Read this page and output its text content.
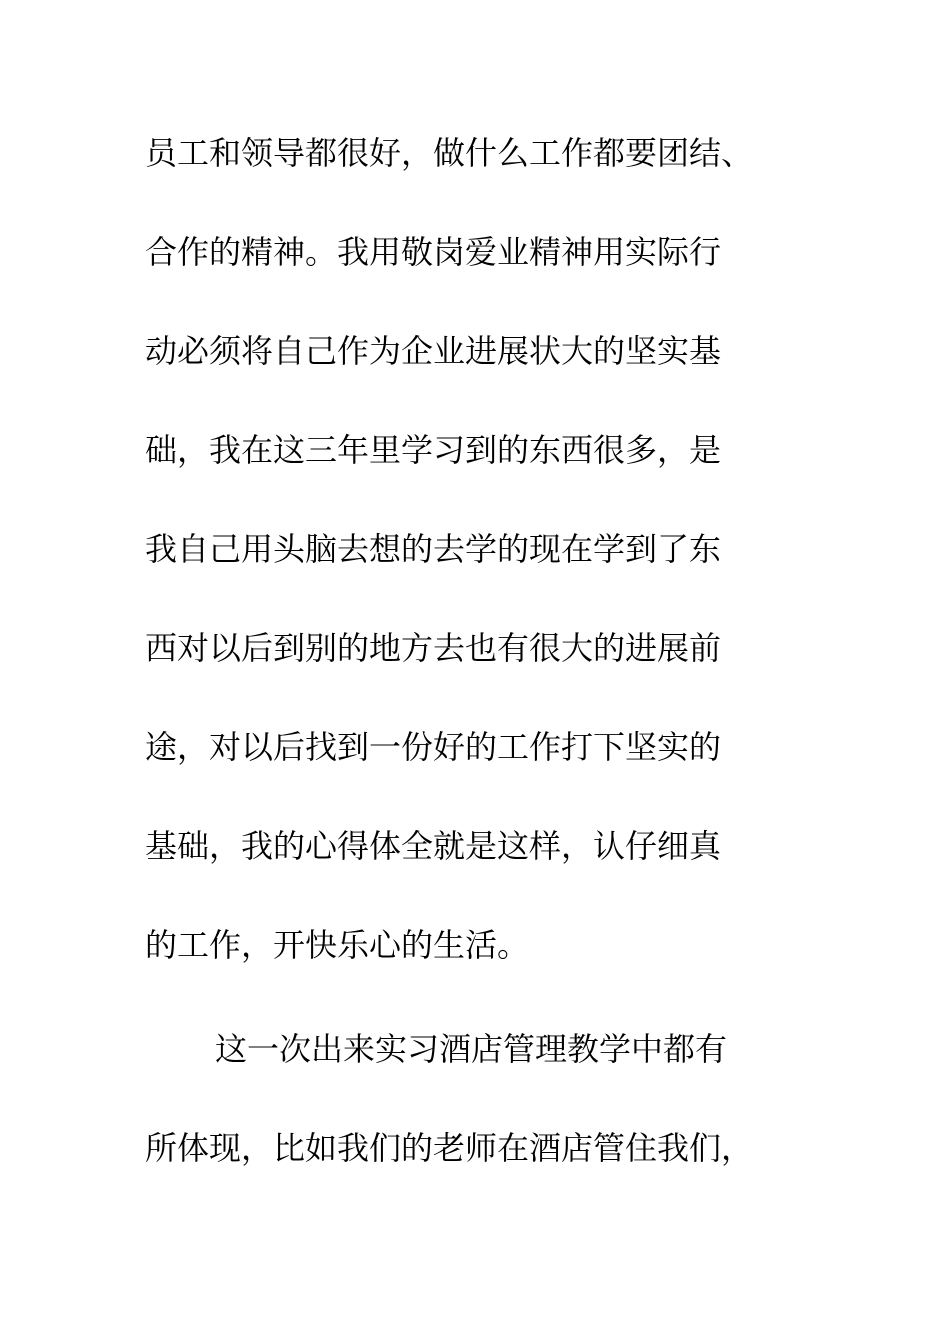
员工和领导都很好，做什么工作都要团结、
合作的精神。我用敬岗爱业精神用实际行
动必须将自己作为企业进展状大的坚实基
础，我在这三年里学习到的东西很多，是
我自己用头脑去想的去学的现在学到了东
西对以后到别的地方去也有很大的进展前
途，对以后找到一份好的工作打下坚实的
基础，我的心得体全就是这样，认仔细真
的工作，开快乐心的生活。
这一次出来实习酒店管理教学中都有
所体现，比如我们的老师在酒店管住我们，
